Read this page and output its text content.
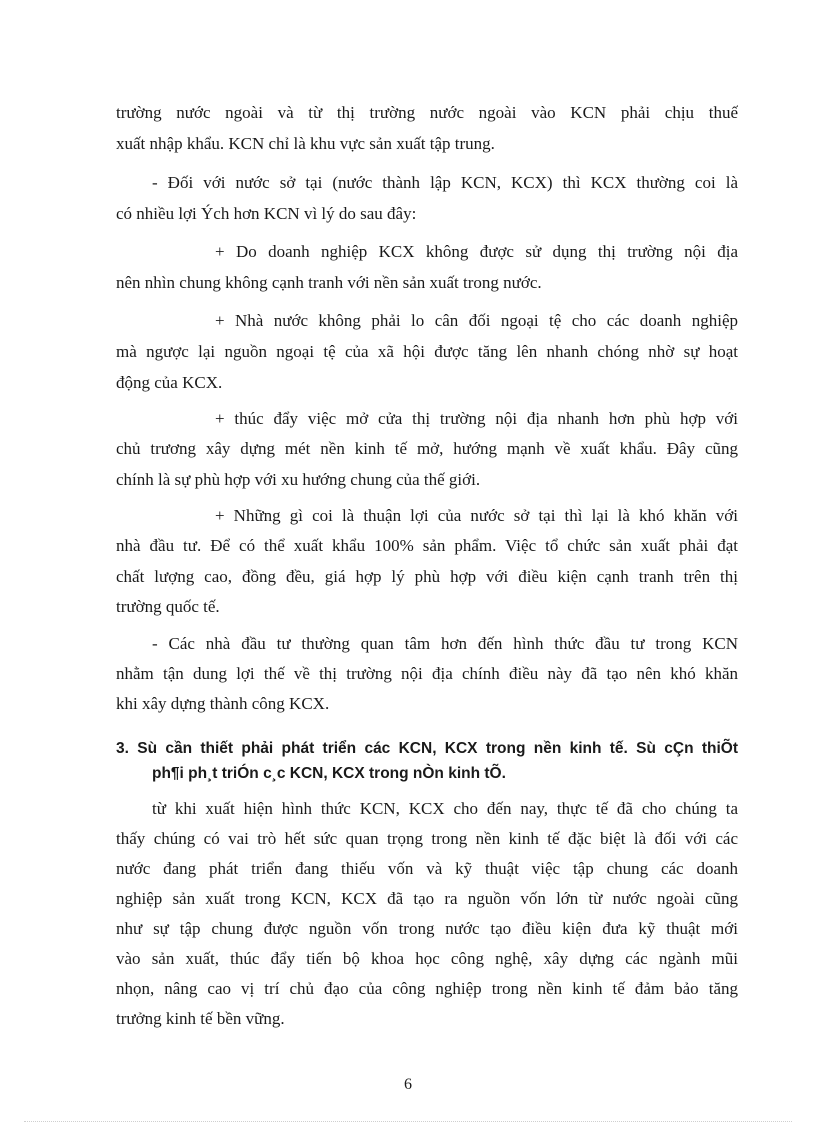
trường nước ngoài và từ thị trường nước ngoài vào KCN phải chịu thuế
xuất nhập khẩu. KCN chỉ là khu vực sản xuất tập trung.
- Đối với nước sở tại (nước thành lập KCN, KCX) thì KCX thường coi là
có nhiều lợi Ých hơn KCN vì lý do sau đây:
+ Do doanh nghiệp KCX không được sử dụng thị trường nội địa
nên nhìn chung không cạnh tranh với nền sản xuất trong nước.
+ Nhà nước không phải lo cân đối ngoại tệ cho các doanh nghiệp
mà ngược lại nguồn ngoại tệ của xã hội được tăng lên nhanh chóng nhờ sự hoạt
động của KCX.
+ thúc đẩy việc mở cửa thị trường nội địa nhanh hơn phù hợp với
chủ trương xây dựng mét nền kinh tế mở, hướng mạnh về xuất khẩu. Đây cũng
chính là sự phù hợp với xu hướng chung của thế giới.
+ Những gì coi là thuận lợi của nước sở tại thì lại là khó khăn với
nhà đầu tư. Để có thể xuất khẩu 100% sản phẩm. Việc tổ chức sản xuất phải đạt
chất lượng cao, đồng đều, giá hợp lý phù hợp với điều kiện cạnh tranh trên thị
trường quốc tế.
- Các nhà đầu tư thường quan tâm hơn đến hình thức đầu tư trong KCN
nhằm tận dung lợi thế về thị trường nội địa chính điều này đã tạo nên khó khăn
khi xây dựng thành công KCX.
3. Sù cần thiết phải phát triển các KCN, KCX trong nền kinh tế. Sù cÇn thiÕt
ph¶i ph¸t triÓn c¸c KCN, KCX trong nÒn kinh tÕ.
từ khi xuất hiện hình thức KCN, KCX cho đến nay, thực tế đã cho chúng ta
thấy chúng có vai trò hết sức quan trọng trong nền kinh tế đặc biệt là đối với các
nước đang phát triển đang thiếu vốn và kỹ thuật việc tập chung các doanh
nghiệp sản xuất trong KCN, KCX đã tạo ra nguồn vốn lớn từ nước ngoài cũng
như sự tập chung được nguồn vốn trong nước tạo điều kiện đưa kỹ thuật mới
vào sản xuất, thúc đẩy tiến bộ khoa học công nghệ, xây dựng các ngành mũi
nhọn, nâng cao vị trí chủ đạo của công nghiệp trong nền kinh tế đảm bảo tăng
trưởng kinh tế bền vững.
6
